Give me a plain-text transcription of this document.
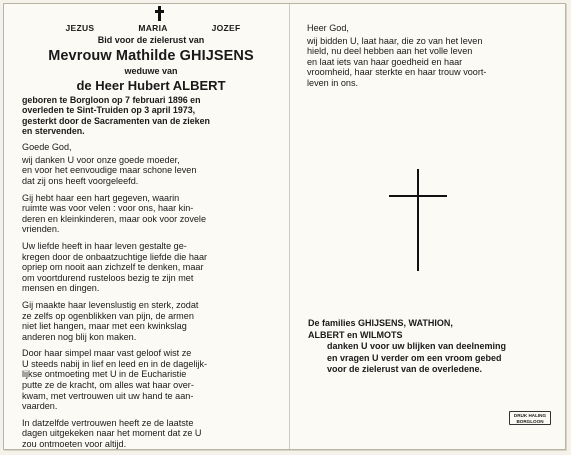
JEZUS	MARIA	JOZEF
Bid voor de zielerust van
Mevrouw Mathilde GHIJSENS
weduwe van
de Heer Hubert ALBERT
geboren te Borgloon op 7 februari 1896 en
overleden te Sint-Truiden op 3 april 1973,
gesterkt door de Sacramenten van de zieken
en stervenden.
Goede God,
wij danken U voor onze goede moeder,
en voor het eenvoudige maar schone leven
dat zij ons heeft voorgeleefd.
Gij hebt haar een hart gegeven, waarin
ruimte was voor velen : voor ons, haar kin-
deren en kleinkinderen, maar ook voor zovele
vrienden.
Uw liefde heeft in haar leven gestalte ge-
kregen door de onbaatzuchtige liefde die haar
opriep om nooit aan zichzelf te denken, maar
om voortdurend rusteloos bezig te zijn met
mensen en dingen.
Gij maakte haar levenslustig en sterk, zodat
ze zelfs op ogenblikken van pijn, de armen
niet liet hangen, maar met een kwinkslag
anderen nog blij kon maken.
Door haar simpel maar vast geloof wist ze
U steeds nabij in lief en leed en in de dagelijk-
lijkse ontmoeting met U in de Eucharistie
putte ze de kracht, om alles wat haar over-
kwam, met vertrouwen uit uw hand te aan-
vaarden.
In datzelfde vertrouwen heeft ze de laatste
dagen uitgekeken naar het moment dat ze U
zou ontmoeten voor altijd.
Heer God,
wij bidden U, laat haar, die zo van het leven
hield, nu deel hebben aan het volle leven
en laat iets van haar goedheid en haar
vroomheid, haar sterkte en haar trouw voort-
leven in ons.
De families GHIJSENS, WATHION,
ALBERT en WILMOTS
danken U voor uw blijken van deelneming
en vragen U verder om een vroom gebed
voor de zielerust van de overledene.
DRUK HALING
BORGLOON
